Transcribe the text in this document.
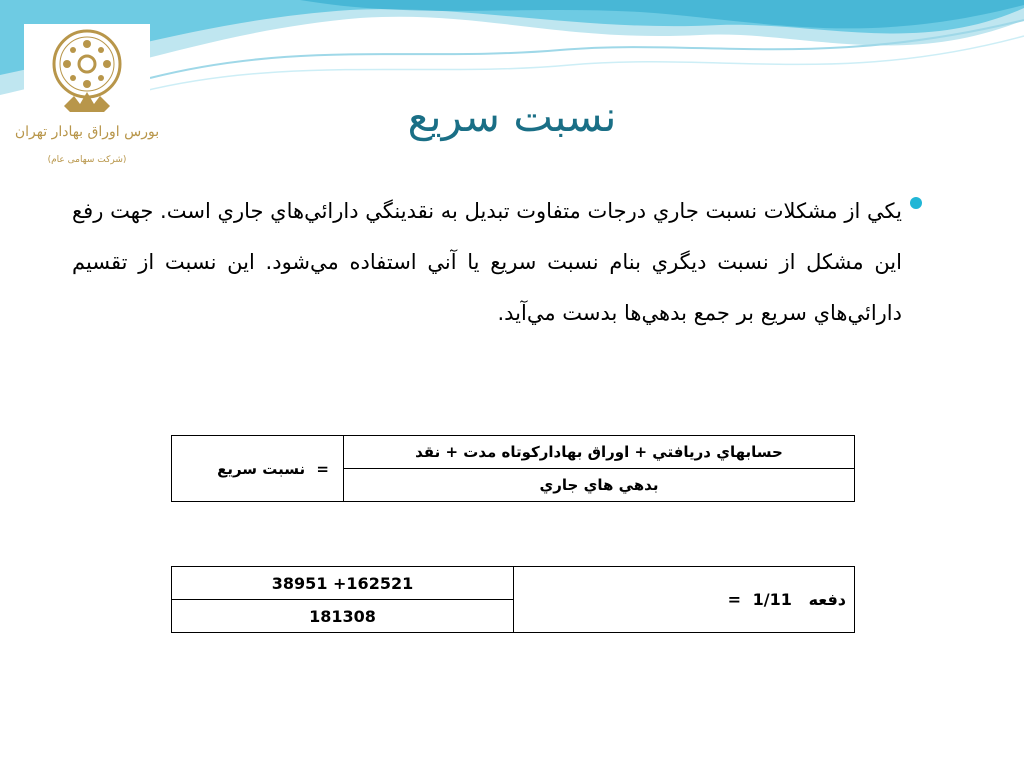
بورس اوراق بهادار تهران
(شرکت سهامی عام)
نسبت سريع

يكي از مشكلات نسبت جاري درجات متفاوت تبديل به نقدينگي دارائي‌هاي جاري است. جهت رفع اين مشكل از نسبت ديگري بنام نسبت سريع يا آني استفاده مي‌شود. اين نسبت از تقسيم دارائي‌هاي سريع بر جمع بدهي‌ها بدست مي‌آيد.

حسابهاي دريافتي + اوراق بهادارکوتاه مدت + نقد	= نسبت سريع
بدهي هاي جاري
دفعه   1/11 =	38951 +162521
181308
